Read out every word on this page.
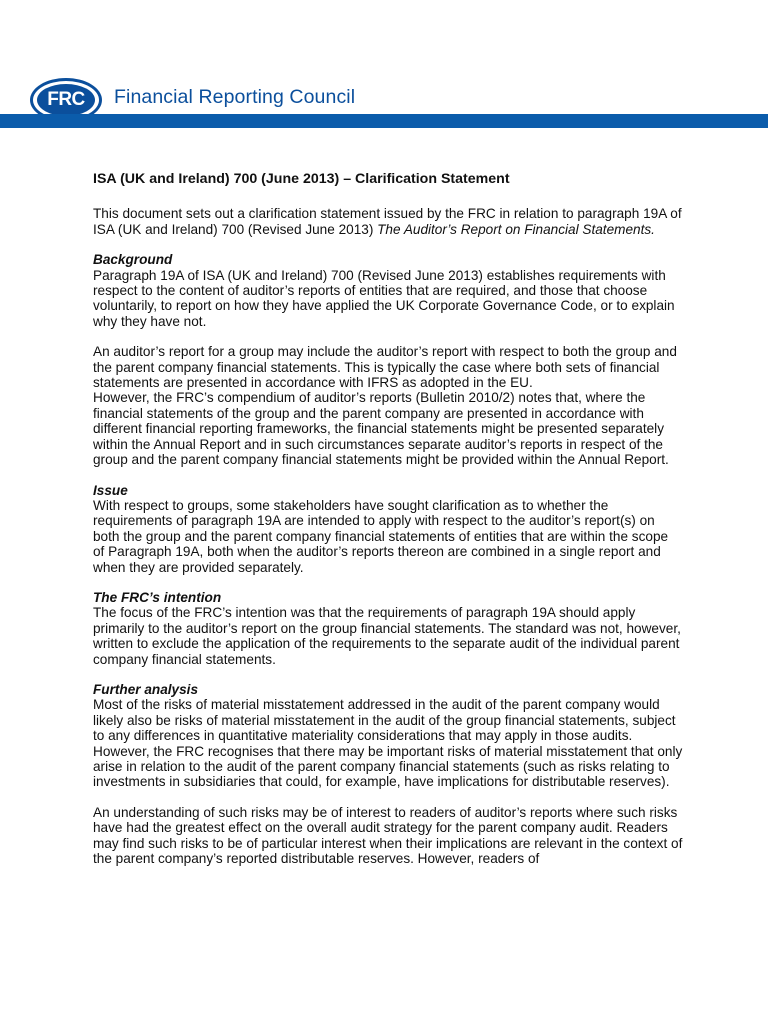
FRC	Financial Reporting Council
ISA (UK and Ireland) 700 (June 2013) – Clarification Statement

This document sets out a clarification statement issued by the FRC in relation to paragraph 19A of ISA (UK and Ireland) 700 (Revised June 2013) The Auditor’s Report on Financial Statements.

Background

Paragraph 19A of ISA (UK and Ireland) 700 (Revised June 2013) establishes requirements with respect to the content of auditor’s reports of entities that are required, and those that choose voluntarily, to report on how they have applied the UK Corporate Governance Code, or to explain why they have not.

An auditor’s report for a group may include the auditor’s report with respect to both the group and the parent company financial statements. This is typically the case where both sets of financial statements are presented in accordance with IFRS as adopted in the EU.

However, the FRC’s compendium of auditor’s reports (Bulletin 2010/2) notes that, where the financial statements of the group and the parent company are presented in accordance with different financial reporting frameworks, the financial statements might be presented separately within the Annual Report and in such circumstances separate auditor’s reports in respect of the group and the parent company financial statements might be provided within the Annual Report.

Issue

With respect to groups, some stakeholders have sought clarification as to whether the requirements of paragraph 19A are intended to apply with respect to the auditor’s report(s) on both the group and the parent company financial statements of entities that are within the scope of Paragraph 19A, both when the auditor’s reports thereon are combined in a single report and when they are provided separately.

The FRC’s intention

The focus of the FRC’s intention was that the requirements of paragraph 19A should apply primarily to the auditor’s report on the group financial statements. The standard was not, however, written to exclude the application of the requirements to the separate audit of the individual parent company financial statements.

Further analysis

Most of the risks of material misstatement addressed in the audit of the parent company would likely also be risks of material misstatement in the audit of the group financial statements, subject to any differences in quantitative materiality considerations that may apply in those audits. However, the FRC recognises that there may be important risks of material misstatement that only arise in relation to the audit of the parent company financial statements (such as risks relating to investments in subsidiaries that could, for example, have implications for distributable reserves).

An understanding of such risks may be of interest to readers of auditor’s reports where such risks have had the greatest effect on the overall audit strategy for the parent company audit. Readers may find such risks to be of particular interest when their implications are relevant in the context of the parent company’s reported distributable reserves. However, readers of
